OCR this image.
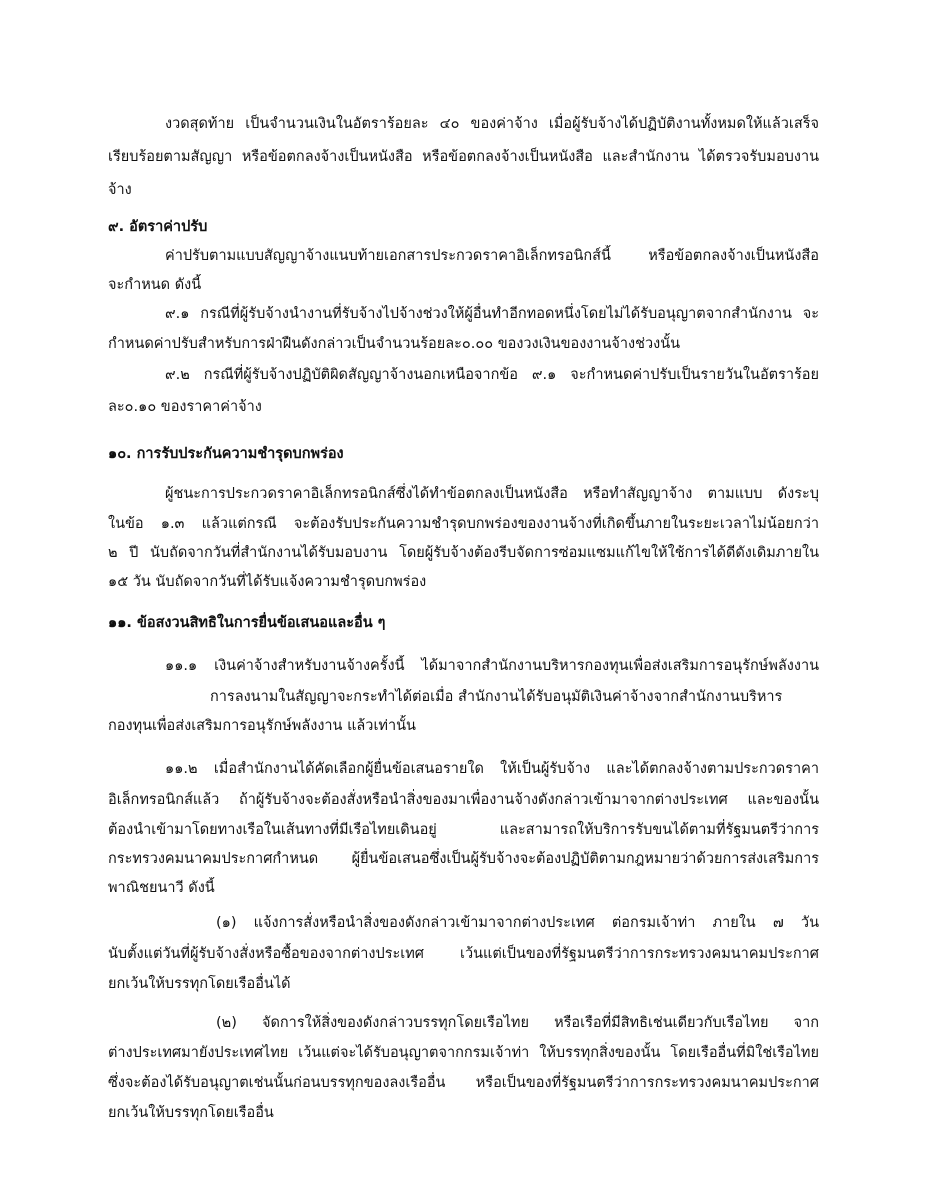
งวดสุดท้าย เป็นจำนวนเงินในอัตราร้อยละ ๔๐ ของค่าจ้าง เมื่อผู้รับจ้างได้ปฏิบัติงานทั้งหมดให้แล้วเสร็จ
เรียบร้อยตามสัญญา หรือข้อตกลงจ้างเป็นหนังสือ หรือข้อตกลงจ้างเป็นหนังสือ และสำนักงาน ได้ตรวจรับมอบงาน
จ้าง
๙. อัตราค่าปรับ
ค่าปรับตามแบบสัญญาจ้างแนบท้ายเอกสารประกวดราคาอิเล็กทรอนิกส์นี้ หรือข้อตกลงจ้างเป็นหนังสือ
จะกำหนด ดังนี้
๙.๑ กรณีที่ผู้รับจ้างนำงานที่รับจ้างไปจ้างช่วงให้ผู้อื่นทำอีกทอดหนึ่งโดยไม่ได้รับอนุญาตจากสำนักงาน จะ
กำหนดค่าปรับสำหรับการฝ่าฝืนดังกล่าวเป็นจำนวนร้อยละ๐.๐๐ ของวงเงินของงานจ้างช่วงนั้น
๙.๒ กรณีที่ผู้รับจ้างปฏิบัติผิดสัญญาจ้างนอกเหนือจากข้อ ๙.๑ จะกำหนดค่าปรับเป็นรายวันในอัตราร้อย
ละ๐.๑๐ ของราคาค่าจ้าง
๑๐. การรับประกันความชำรุดบกพร่อง
ผู้ชนะการประกวดราคาอิเล็กทรอนิกส์ซึ่งได้ทำข้อตกลงเป็นหนังสือ หรือทำสัญญาจ้าง ตามแบบ ดังระบุ
ในข้อ ๑.๓ แล้วแต่กรณี จะต้องรับประกันความชำรุดบกพร่องของงานจ้างที่เกิดขึ้นภายในระยะเวลาไม่น้อยกว่า
๒ ปี นับถัดจากวันที่สำนักงานได้รับมอบงาน โดยผู้รับจ้างต้องรีบจัดการซ่อมแซมแก้ไขให้ใช้การได้ดีดังเดิมภายใน
๑๕ วัน นับถัดจากวันที่ได้รับแจ้งความชำรุดบกพร่อง
๑๑. ข้อสงวนสิทธิในการยื่นข้อเสนอและอื่น ๆ
๑๑.๑ เงินค่าจ้างสำหรับงานจ้างครั้งนี้ ได้มาจากสำนักงานบริหารกองทุนเพื่อส่งเสริมการอนุรักษ์พลังงาน
การลงนามในสัญญาจะกระทำได้ต่อเมื่อ สำนักงานได้รับอนุมัติเงินค่าจ้างจากสำนักงานบริหาร
กองทุนเพื่อส่งเสริมการอนุรักษ์พลังงาน แล้วเท่านั้น
๑๑.๒ เมื่อสำนักงานได้คัดเลือกผู้ยื่นข้อเสนอรายใด ให้เป็นผู้รับจ้าง และได้ตกลงจ้างตามประกวดราคา
อิเล็กทรอนิกส์แล้ว ถ้าผู้รับจ้างจะต้องสั่งหรือนำสิ่งของมาเพื่องานจ้างดังกล่าวเข้ามาจากต่างประเทศ และของนั้น
ต้องนำเข้ามาโดยทางเรือในเส้นทางที่มีเรือไทยเดินอยู่ และสามารถให้บริการรับขนได้ตามที่รัฐมนตรีว่าการ
กระทรวงคมนาคมประกาศกำหนด ผู้ยื่นข้อเสนอซึ่งเป็นผู้รับจ้างจะต้องปฏิบัติตามกฎหมายว่าด้วยการส่งเสริมการ
พาณิชยนาวี ดังนี้
(๑) แจ้งการสั่งหรือนำสิ่งของดังกล่าวเข้ามาจากต่างประเทศ ต่อกรมเจ้าท่า ภายใน ๗ วัน
นับตั้งแต่วันที่ผู้รับจ้างสั่งหรือซื้อของจากต่างประเทศ เว้นแต่เป็นของที่รัฐมนตรีว่าการกระทรวงคมนาคมประกาศ
ยกเว้นให้บรรทุกโดยเรืออื่นได้
(๒) จัดการให้สิ่งของดังกล่าวบรรทุกโดยเรือไทย หรือเรือที่มีสิทธิเช่นเดียวกับเรือไทย จาก
ต่างประเทศมายังประเทศไทย เว้นแต่จะได้รับอนุญาตจากกรมเจ้าท่า ให้บรรทุกสิ่งของนั้น โดยเรืออื่นที่มิใช่เรือไทย
ซึ่งจะต้องได้รับอนุญาตเช่นนั้นก่อนบรรทุกของลงเรืออื่น หรือเป็นของที่รัฐมนตรีว่าการกระทรวงคมนาคมประกาศ
ยกเว้นให้บรรทุกโดยเรืออื่น
